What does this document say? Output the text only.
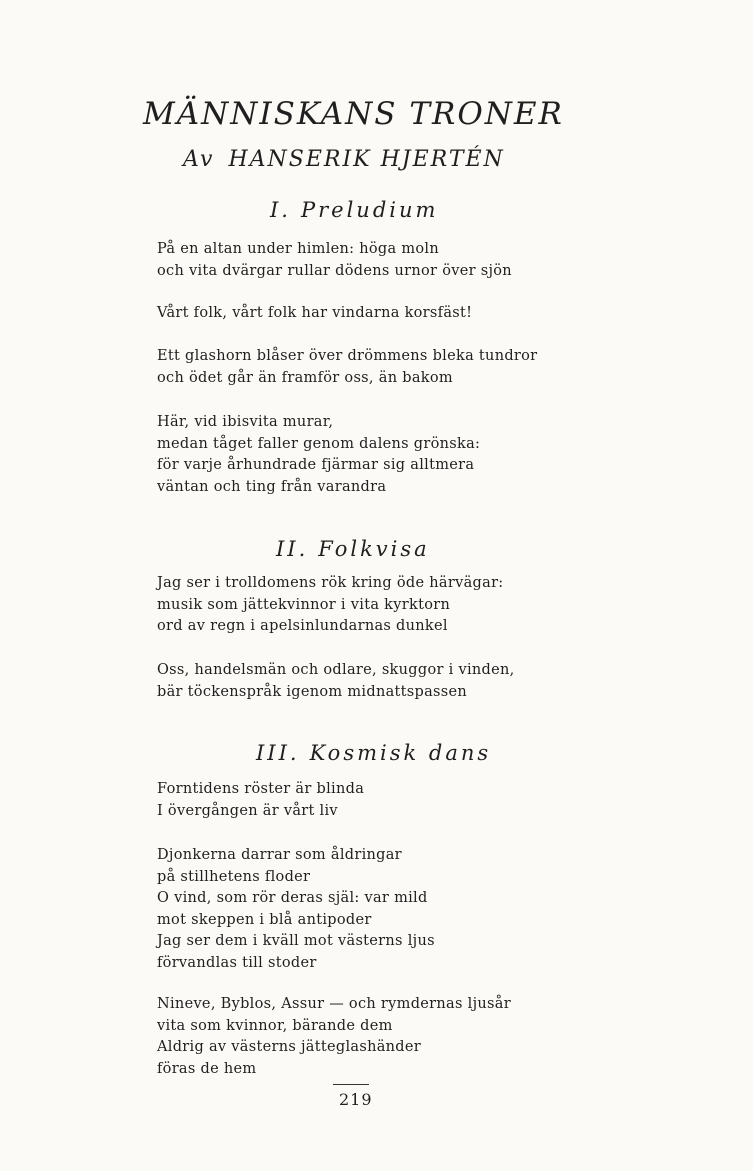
MÄNNISKANS TRONER
Av HANSERIK HJERTÉN
I. Preludium
På en altan under himlen: höga moln
och vita dvärgar rullar dödens urnor över sjön
Vårt folk, vårt folk har vindarna korsfäst!
Ett glashorn blåser över drömmens bleka tundror
och ödet går än framför oss, än bakom
Här, vid ibisvita murar,
medan tåget faller genom dalens grönska:
för varje århundrade fjärmar sig alltmera
väntan och ting från varandra
II. Folkvisa
Jag ser i trolldomens rök kring öde härvägar:
musik som jättekvinnor i vita kyrktorn
ord av regn i apelsinlundarnas dunkel
Oss, handelsmän och odlare, skuggor i vinden,
bär töckenspråk igenom midnattspassen
III. Kosmisk dans
Forntidens röster är blinda
I övergången är vårt liv
Djonkerna darrar som åldringar
på stillhetens floder
O vind, som rör deras själ: var mild
mot skeppen i blå antipoder
Jag ser dem i kväll mot västerns ljus
förvandlas till stoder
Nineve, Byblos, Assur — och rymdernas ljusår
vita som kvinnor, bärande dem
Aldrig av västerns jätteglashänder
föras de hem
219
